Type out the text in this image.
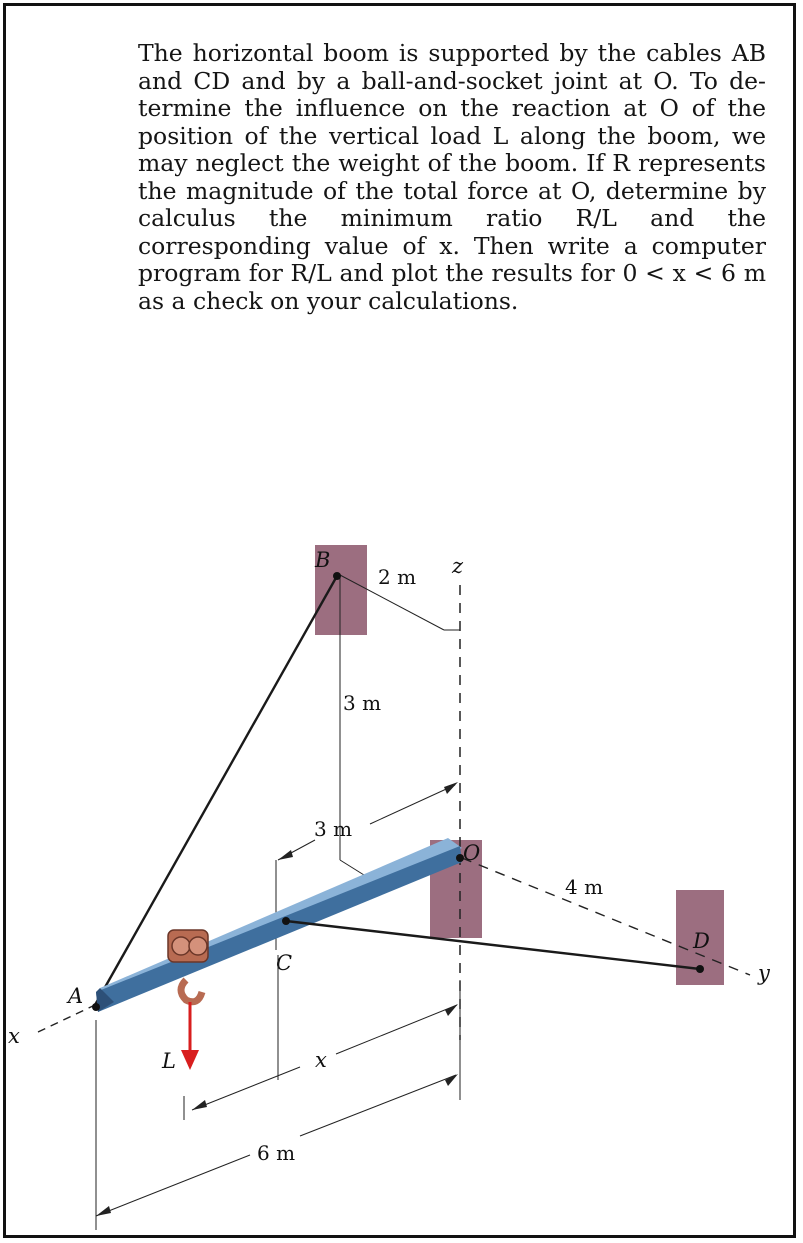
The horizontal boom is supported by the cables AB and CD and by a ball-and-socket joint at O. To determine the influence on the reaction at O of the position of the vertical load L along the boom, we may neglect the weight of the boom. If R represents the magnitude of the total force at O, determine by calculus the minimum ratio R/L and the corresponding value of x. Then write a computer program for R/L and plot the results for 0 < x < 6 m as a check on your calculations.

z
y
x
2 m
3 m
3 m
4 m
L
B
O
C
D
A
x
6 m
